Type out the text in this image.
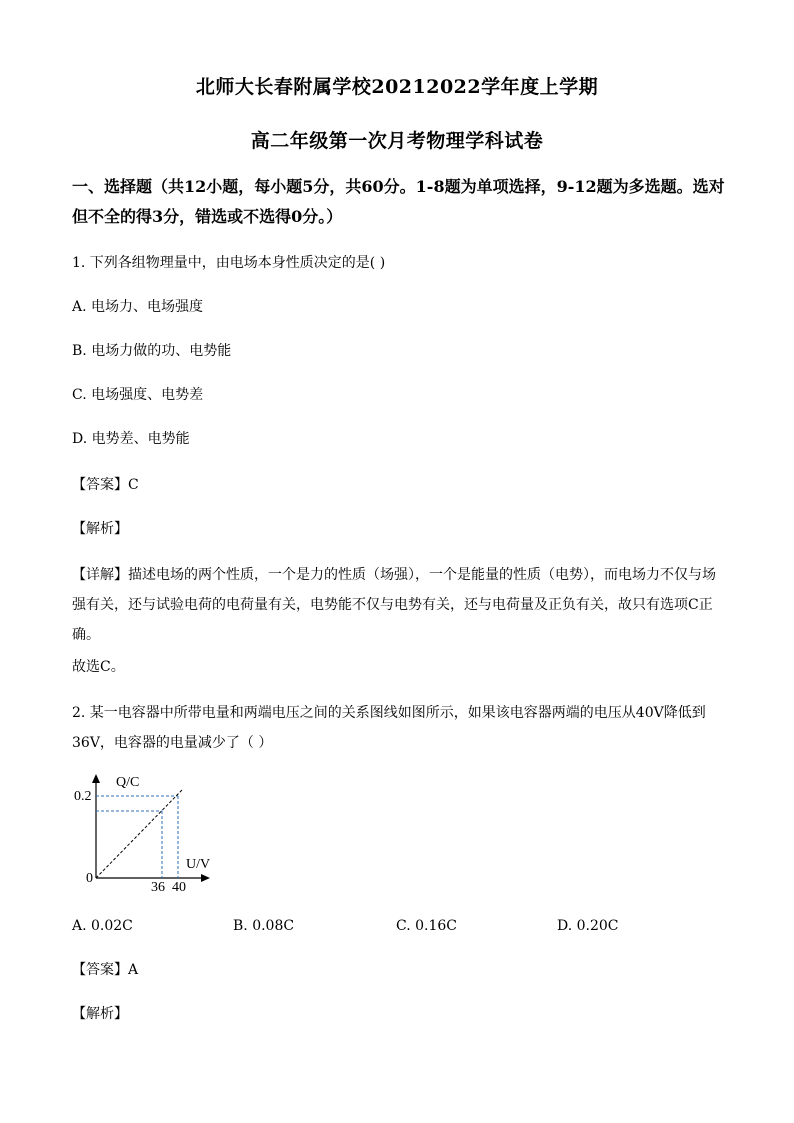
北师大长春附属学校20212022学年度上学期
高二年级第一次月考物理学科试卷
一、选择题（共12小题，每小题5分，共60分。1-8题为单项选择，9-12题为多选题。选对
但不全的得3分，错选或不选得0分。）
1. 下列各组物理量中，由电场本身性质决定的是( )
A. 电场力、电场强度
B. 电场力做的功、电势能
C. 电场强度、电势差
D. 电势差、电势能
【答案】C
【解析】
【详解】描述电场的两个性质，一个是力的性质（场强），一个是能量的性质（电势），而电场力不仅与场
强有关，还与试验电荷的电荷量有关，电势能不仅与电势有关，还与电荷量及正负有关，故只有选项C正
确。
故选C。
2. 某一电容器中所带电量和两端电压之间的关系图线如图所示，如果该电容器两端的电压从40V降低到
36V，电容器的电量减少了（ ）
Q/C
0.2
0
U/V
36 40
A. 0.02C	B. 0.08C	C. 0.16C	D. 0.20C
【答案】A
【解析】
